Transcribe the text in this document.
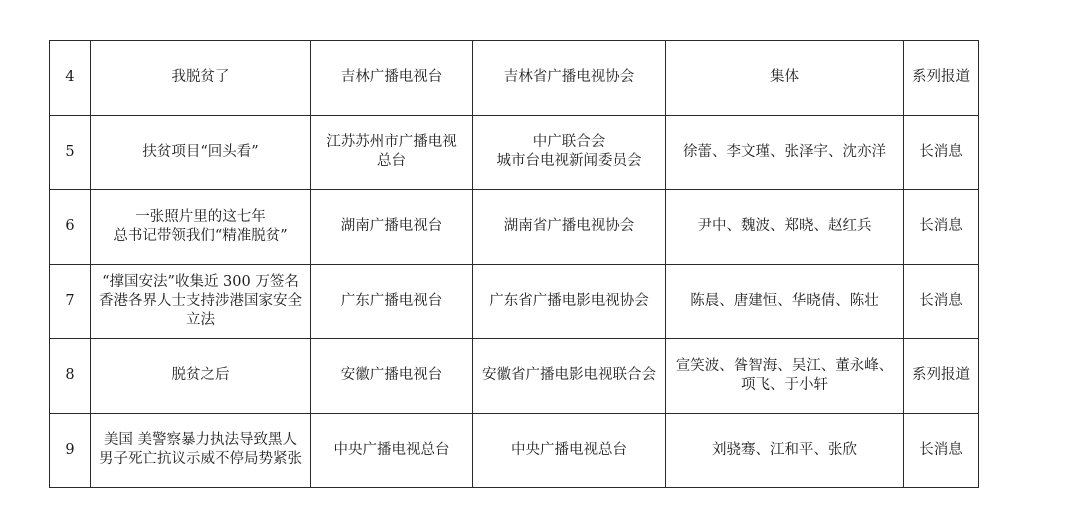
4	我脱贫了	吉林广播电视台	吉林省广播电视协会	集体	系列报道
5	扶贫项目“回头看”	江苏苏州市广播电视
总台	中广联合会
城市台电视新闻委员会	徐蕾、李文瑾、张泽宇、沈亦洋	长消息
6	一张照片里的这七年
总书记带领我们“精准脱贫”	湖南广播电视台	湖南省广播电视协会	尹中、魏波、郑晓、赵红兵	长消息
7	“撑国安法”收集近 300 万签名
香港各界人士支持涉港国家安全
立法	广东广播电视台	广东省广播电影电视协会	陈晨、唐建恒、华晓倩、陈壮	长消息
8	脱贫之后	安徽广播电视台	安徽省广播电影电视联合会	宣笑波、昝智海、吴江、董永峰、
项飞、于小轩	系列报道
9	美国 美警察暴力执法导致黑人
男子死亡抗议示威不停局势紧张	中央广播电视总台	中央广播电视总台	刘骁骞、江和平、张欣	长消息
